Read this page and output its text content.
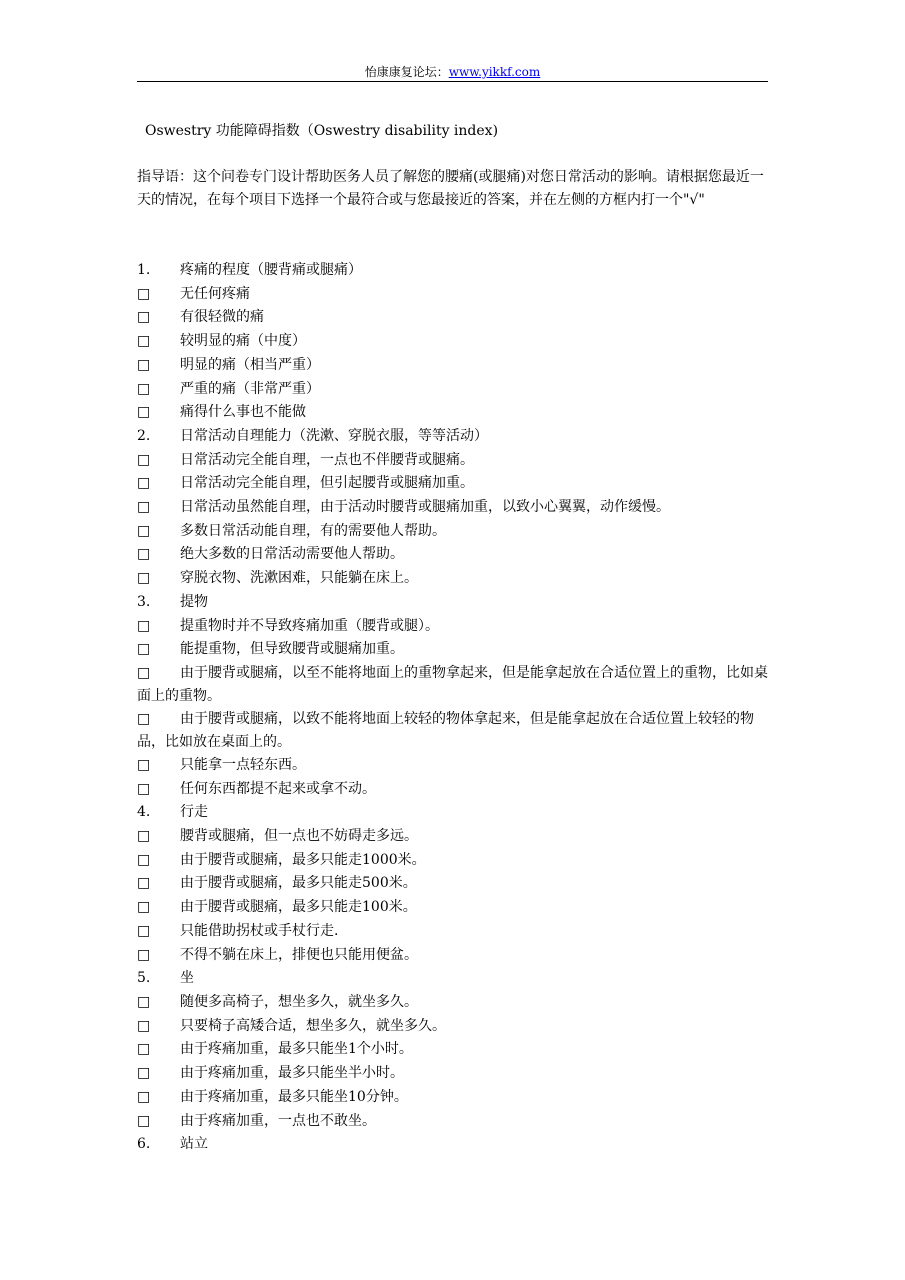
怡康康复论坛：www.yikkf.com
Oswestry 功能障碍指数（Oswestry disability index)
指导语：这个问卷专门设计帮助医务人员了解您的腰痛(或腿痛)对您日常活动的影响。请根据您最近一天的情况，在每个项目下选择一个最符合或与您最接近的答案，并在左侧的方框内打一个"√"
1. 疼痛的程度（腰背痛或腿痛）
□ 无任何疼痛
□ 有很轻微的痛
□ 较明显的痛（中度）
□ 明显的痛（相当严重）
□ 严重的痛（非常严重）
□ 痛得什么事也不能做
2. 日常活动自理能力（洗漱、穿脱衣服，等等活动）
□ 日常活动完全能自理，一点也不伴腰背或腿痛。
□ 日常活动完全能自理，但引起腰背或腿痛加重。
□ 日常活动虽然能自理，由于活动时腰背或腿痛加重，以致小心翼翼，动作缓慢。
□ 多数日常活动能自理，有的需要他人帮助。
□ 绝大多数的日常活动需要他人帮助。
□ 穿脱衣物、洗漱困难，只能躺在床上。
3. 提物
□ 提重物时并不导致疼痛加重（腰背或腿）。
□ 能提重物，但导致腰背或腿痛加重。
□ 由于腰背或腿痛，以至不能将地面上的重物拿起来，但是能拿起放在合适位置上的重物，比如桌面上的重物。
□ 由于腰背或腿痛，以致不能将地面上较轻的物体拿起来，但是能拿起放在合适位置上较轻的物品，比如放在桌面上的。
□ 只能拿一点轻东西。
□ 任何东西都提不起来或拿不动。
4. 行走
□ 腰背或腿痛，但一点也不妨碍走多远。
□ 由于腰背或腿痛，最多只能走1000米。
□ 由于腰背或腿痛，最多只能走500米。
□ 由于腰背或腿痛，最多只能走100米。
□ 只能借助拐杖或手杖行走.
□ 不得不躺在床上，排便也只能用便盆。
5. 坐
□ 随便多高椅子，想坐多久，就坐多久。
□ 只要椅子高矮合适，想坐多久，就坐多久。
□ 由于疼痛加重，最多只能坐1个小时。
□ 由于疼痛加重，最多只能坐半小时。
□ 由于疼痛加重，最多只能坐10分钟。
□ 由于疼痛加重，一点也不敢坐。
6. 站立
